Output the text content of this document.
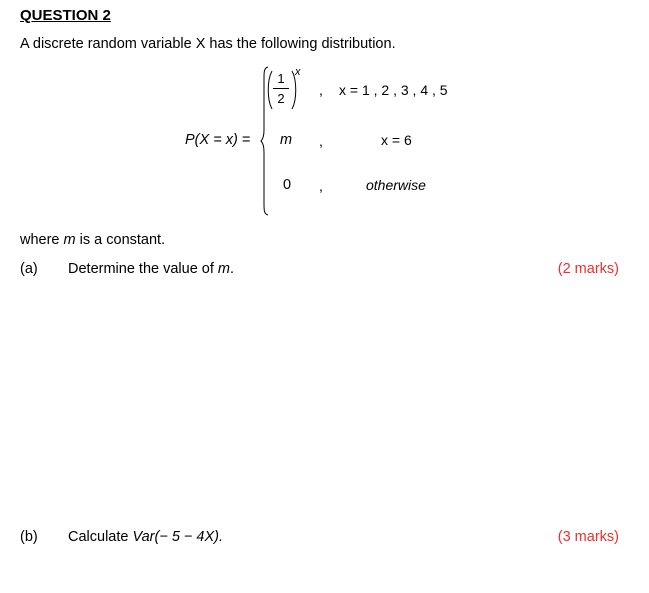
QUESTION 2
A discrete random variable X has the following distribution.
P(X = x) =
1
2
x
, x = 1 , 2 , 3 , 4 , 5
m ,	x = 6
0 ,	otherwise
where m is a constant.
(a) Determine the value of m.	(2 marks)
(b) Calculate Var(− 5 − 4X).	(3 marks)
